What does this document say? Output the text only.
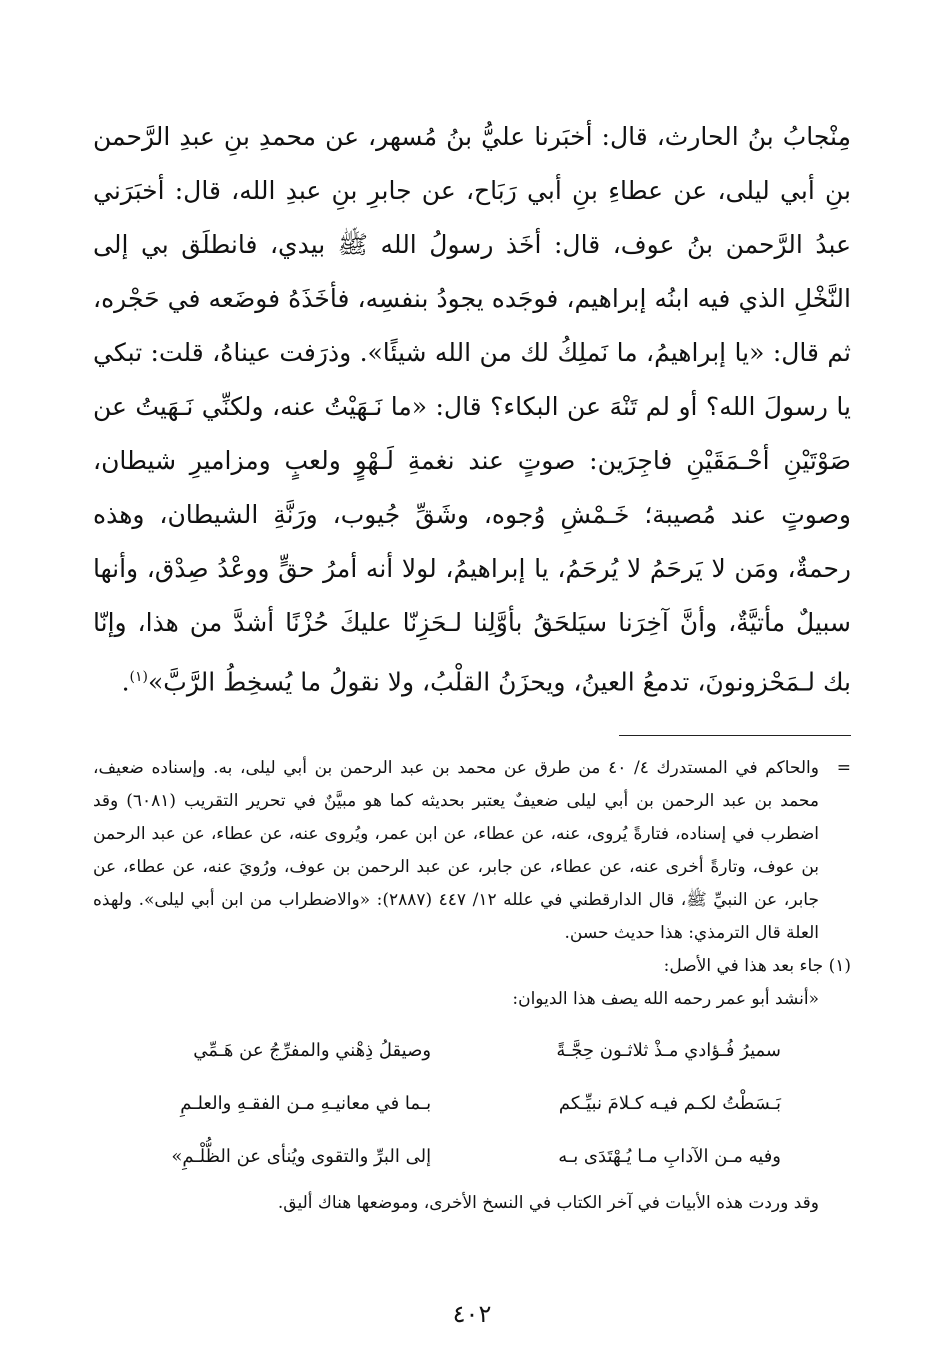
مِنْجابُ بنُ الحارث، قال: أخبَرنا عليُّ بنُ مُسهر، عن محمدِ بنِ عبدِ الرَّحمن بنِ أبي ليلى، عن عطاءِ بنِ أبي رَبَاح، عن جابرِ بنِ عبدِ الله، قال: أخبَرَني عبدُ الرَّحمن بنُ عوف، قال: أخَذ رسولُ الله ﷺ بيدي، فانطلَق بي إلى النَّخْلِ الذي فيه ابنُه إبراهيم، فوجَده يجودُ بنفسِه، فأخَذَهُ فوضَعه في حَجْره، ثم قال: «يا إبراهيمُ، ما نَملِكُ لك من الله شيئًا». وذرَفت عيناهُ، قلت: تبكي يا رسولَ الله؟ أو لم تَنْهَ عن البكاء؟ قال: «ما نَـهَيْتُ عنه، ولكنِّي نَـهَيتُ عن صَوْتَيْنِ أحْـمَقَيْنِ فاجِرَين: صوتٍ عند نغمةِ لَـهْوٍ ولعبٍ ومزاميرِ شيطان، وصوتٍ عند مُصيبة؛ خَـمْشِ وُجوه، وشَقِّ جُيوب، ورَنَّةِ الشيطان، وهذه رحمةٌ، ومَن لا يَرحَمُ لا يُرحَمُ، يا إبراهيمُ، لولا أنه أمرُ حقٍّ ووعْدُ صِدْق، وأنها سبيلٌ مأتيَّةٌ، وأنَّ آخِرَنا سيَلحَقُ بأوَّلِنا لـحَزِنّا عليكَ حُزْنًا أشدَّ من هذا، وإنّا بك لـمَحْزونونَ، تدمعُ العينُ، ويحزَنُ القلْبُ، ولا نقولُ ما يُسخِطُ الرَّبَّ»$^{(١)}$.

=
والحاكم في المستدرك ٤/ ٤٠ من طرق عن محمد بن عبد الرحمن بن أبي ليلى، به. وإسناده ضعيف، محمد بن عبد الرحمن بن أبي ليلى ضعيفٌ يعتبر بحديثه كما هو مبيَّنٌ في تحرير التقريب (٦٠٨١) وقد اضطرب في إسناده، فتارةً يُروى، عنه، عن عطاء، عن ابن عمر، ويُروى عنه، عن عطاء، عن عبد الرحمن بن عوف، وتارةً أخرى عنه، عن عطاء، عن جابر، عن عبد الرحمن بن عوف، ورُويَ عنه، عن عطاء، عن جابر، عن النبيِّ ﷺ، قال الدارقطني في علله ١٢/ ٤٤٧ (٢٨٨٧): «والاضطراب من ابن أبي ليلى». ولهذه العلة قال الترمذي: هذا حديث حسن.

(١) جاء بعد هذا في الأصل:

«أنشد أبو عمر رحمه الله يصف هذا الديوان:

سميرُ فُـؤادي مـذْ ثلاثـون حِجَّـةً
وصيقلُ ذِهْني والمفرِّجُ عن هَـمِّي
بَـسَطْتُ لكـم فيـه كـلامَ نبيِّـكم
بـما في معانيـهِ مـن الفقـهِ والعلـمِ
وفيه مـن الآدابِ مـا يُـهْتَدَى بـه
إلى البرِّ والتقوى ويُنأى عن الظُّلْـمِ»

وقد وردت هذه الأبيات في آخر الكتاب في النسخ الأخرى، وموضعها هناك أليق.

٤٠٢
